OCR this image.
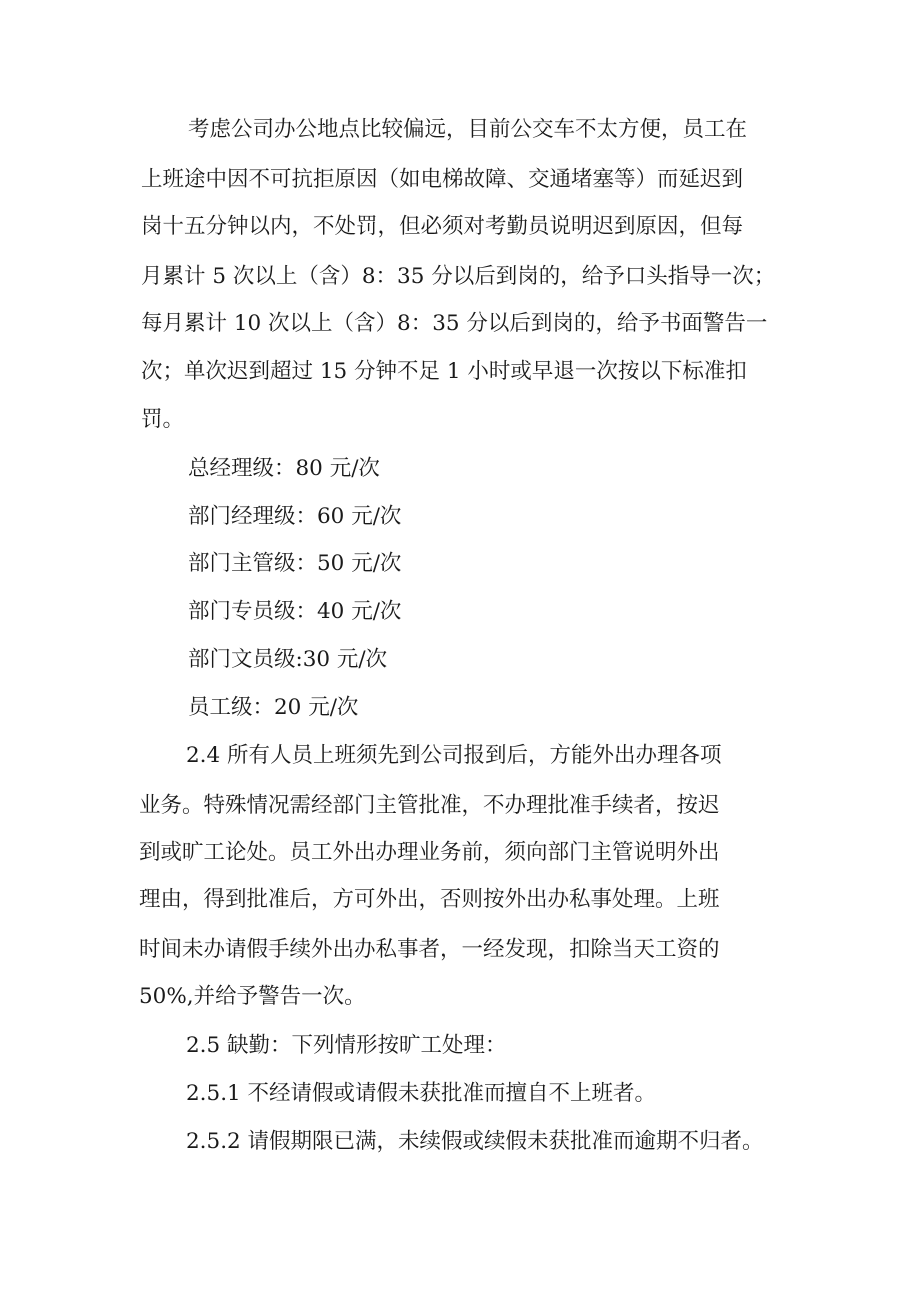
考虑公司办公地点比较偏远，目前公交车不太方便，员工在
上班途中因不可抗拒原因（如电梯故障、交通堵塞等）而延迟到
岗十五分钟以内，不处罚，但必须对考勤员说明迟到原因，但每
月累计 5 次以上（含）8：35 分以后到岗的，给予口头指导一次；
每月累计 10 次以上（含）8：35 分以后到岗的，给予书面警告一
次；单次迟到超过 15 分钟不足 1 小时或早退一次按以下标准扣
罚。
总经理级：80 元/次
部门经理级：60 元/次
部门主管级：50 元/次
部门专员级：40 元/次
部门文员级:30 元/次
员工级：20 元/次
2.4 所有人员上班须先到公司报到后，方能外出办理各项
业务。特殊情况需经部门主管批准，不办理批准手续者，按迟
到或旷工论处。员工外出办理业务前，须向部门主管说明外出
理由，得到批准后，方可外出，否则按外出办私事处理。上班
时间未办请假手续外出办私事者，一经发现，扣除当天工资的
50%,并给予警告一次。
2.5 缺勤：下列情形按旷工处理：
2.5.1 不经请假或请假未获批准而擅自不上班者。
2.5.2 请假期限已满，未续假或续假未获批准而逾期不归者。
